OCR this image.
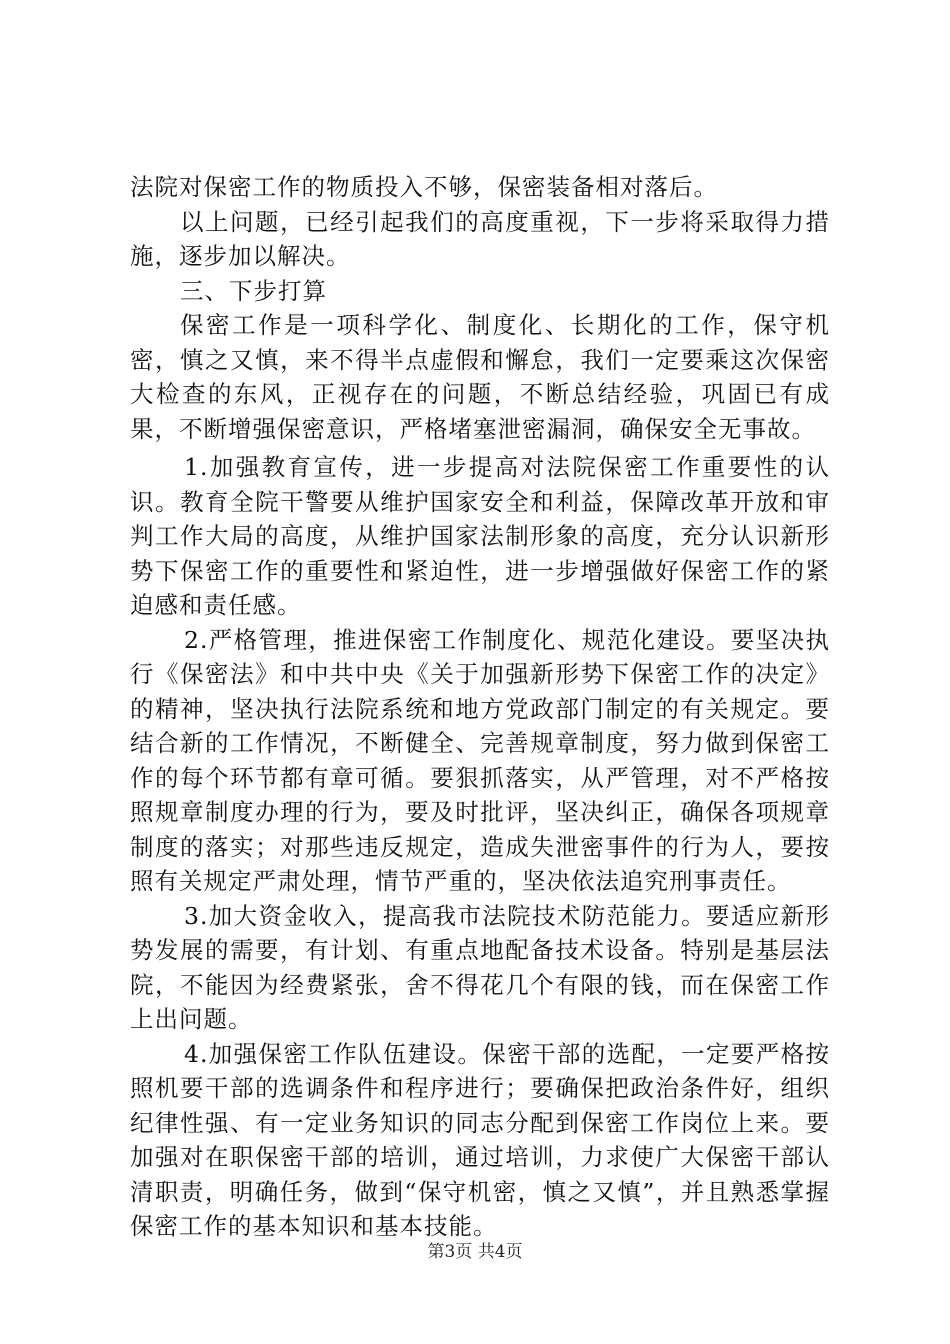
法院对保密工作的物质投入不够，保密装备相对落后。

以上问题，已经引起我们的高度重视，下一步将采取得力措施，逐步加以解决。

三、下步打算

保密工作是一项科学化、制度化、长期化的工作，保守机密，慎之又慎，来不得半点虚假和懈怠，我们一定要乘这次保密大检查的东风，正视存在的问题，不断总结经验，巩固已有成果，不断增强保密意识，严格堵塞泄密漏洞，确保安全无事故。

1.加强教育宣传，进一步提高对法院保密工作重要性的认识。教育全院干警要从维护国家安全和利益，保障改革开放和审判工作大局的高度，从维护国家法制形象的高度，充分认识新形势下保密工作的重要性和紧迫性，进一步增强做好保密工作的紧迫感和责任感。

2.严格管理，推进保密工作制度化、规范化建设。要坚决执行《保密法》和中共中央《关于加强新形势下保密工作的决定》的精神，坚决执行法院系统和地方党政部门制定的有关规定。要结合新的工作情况，不断健全、完善规章制度，努力做到保密工作的每个环节都有章可循。要狠抓落实，从严管理，对不严格按照规章制度办理的行为，要及时批评，坚决纠正，确保各项规章制度的落实；对那些违反规定，造成失泄密事件的行为人，要按照有关规定严肃处理，情节严重的，坚决依法追究刑事责任。

3.加大资金收入，提高我市法院技术防范能力。要适应新形势发展的需要，有计划、有重点地配备技术设备。特别是基层法院，不能因为经费紧张，舍不得花几个有限的钱，而在保密工作上出问题。

4.加强保密工作队伍建设。保密干部的选配，一定要严格按照机要干部的选调条件和程序进行；要确保把政治条件好，组织纪律性强、有一定业务知识的同志分配到保密工作岗位上来。要加强对在职保密干部的培训，通过培训，力求使广大保密干部认清职责，明确任务，做到“保守机密，慎之又慎”，并且熟悉掌握保密工作的基本知识和基本技能。

第3页 共4页
